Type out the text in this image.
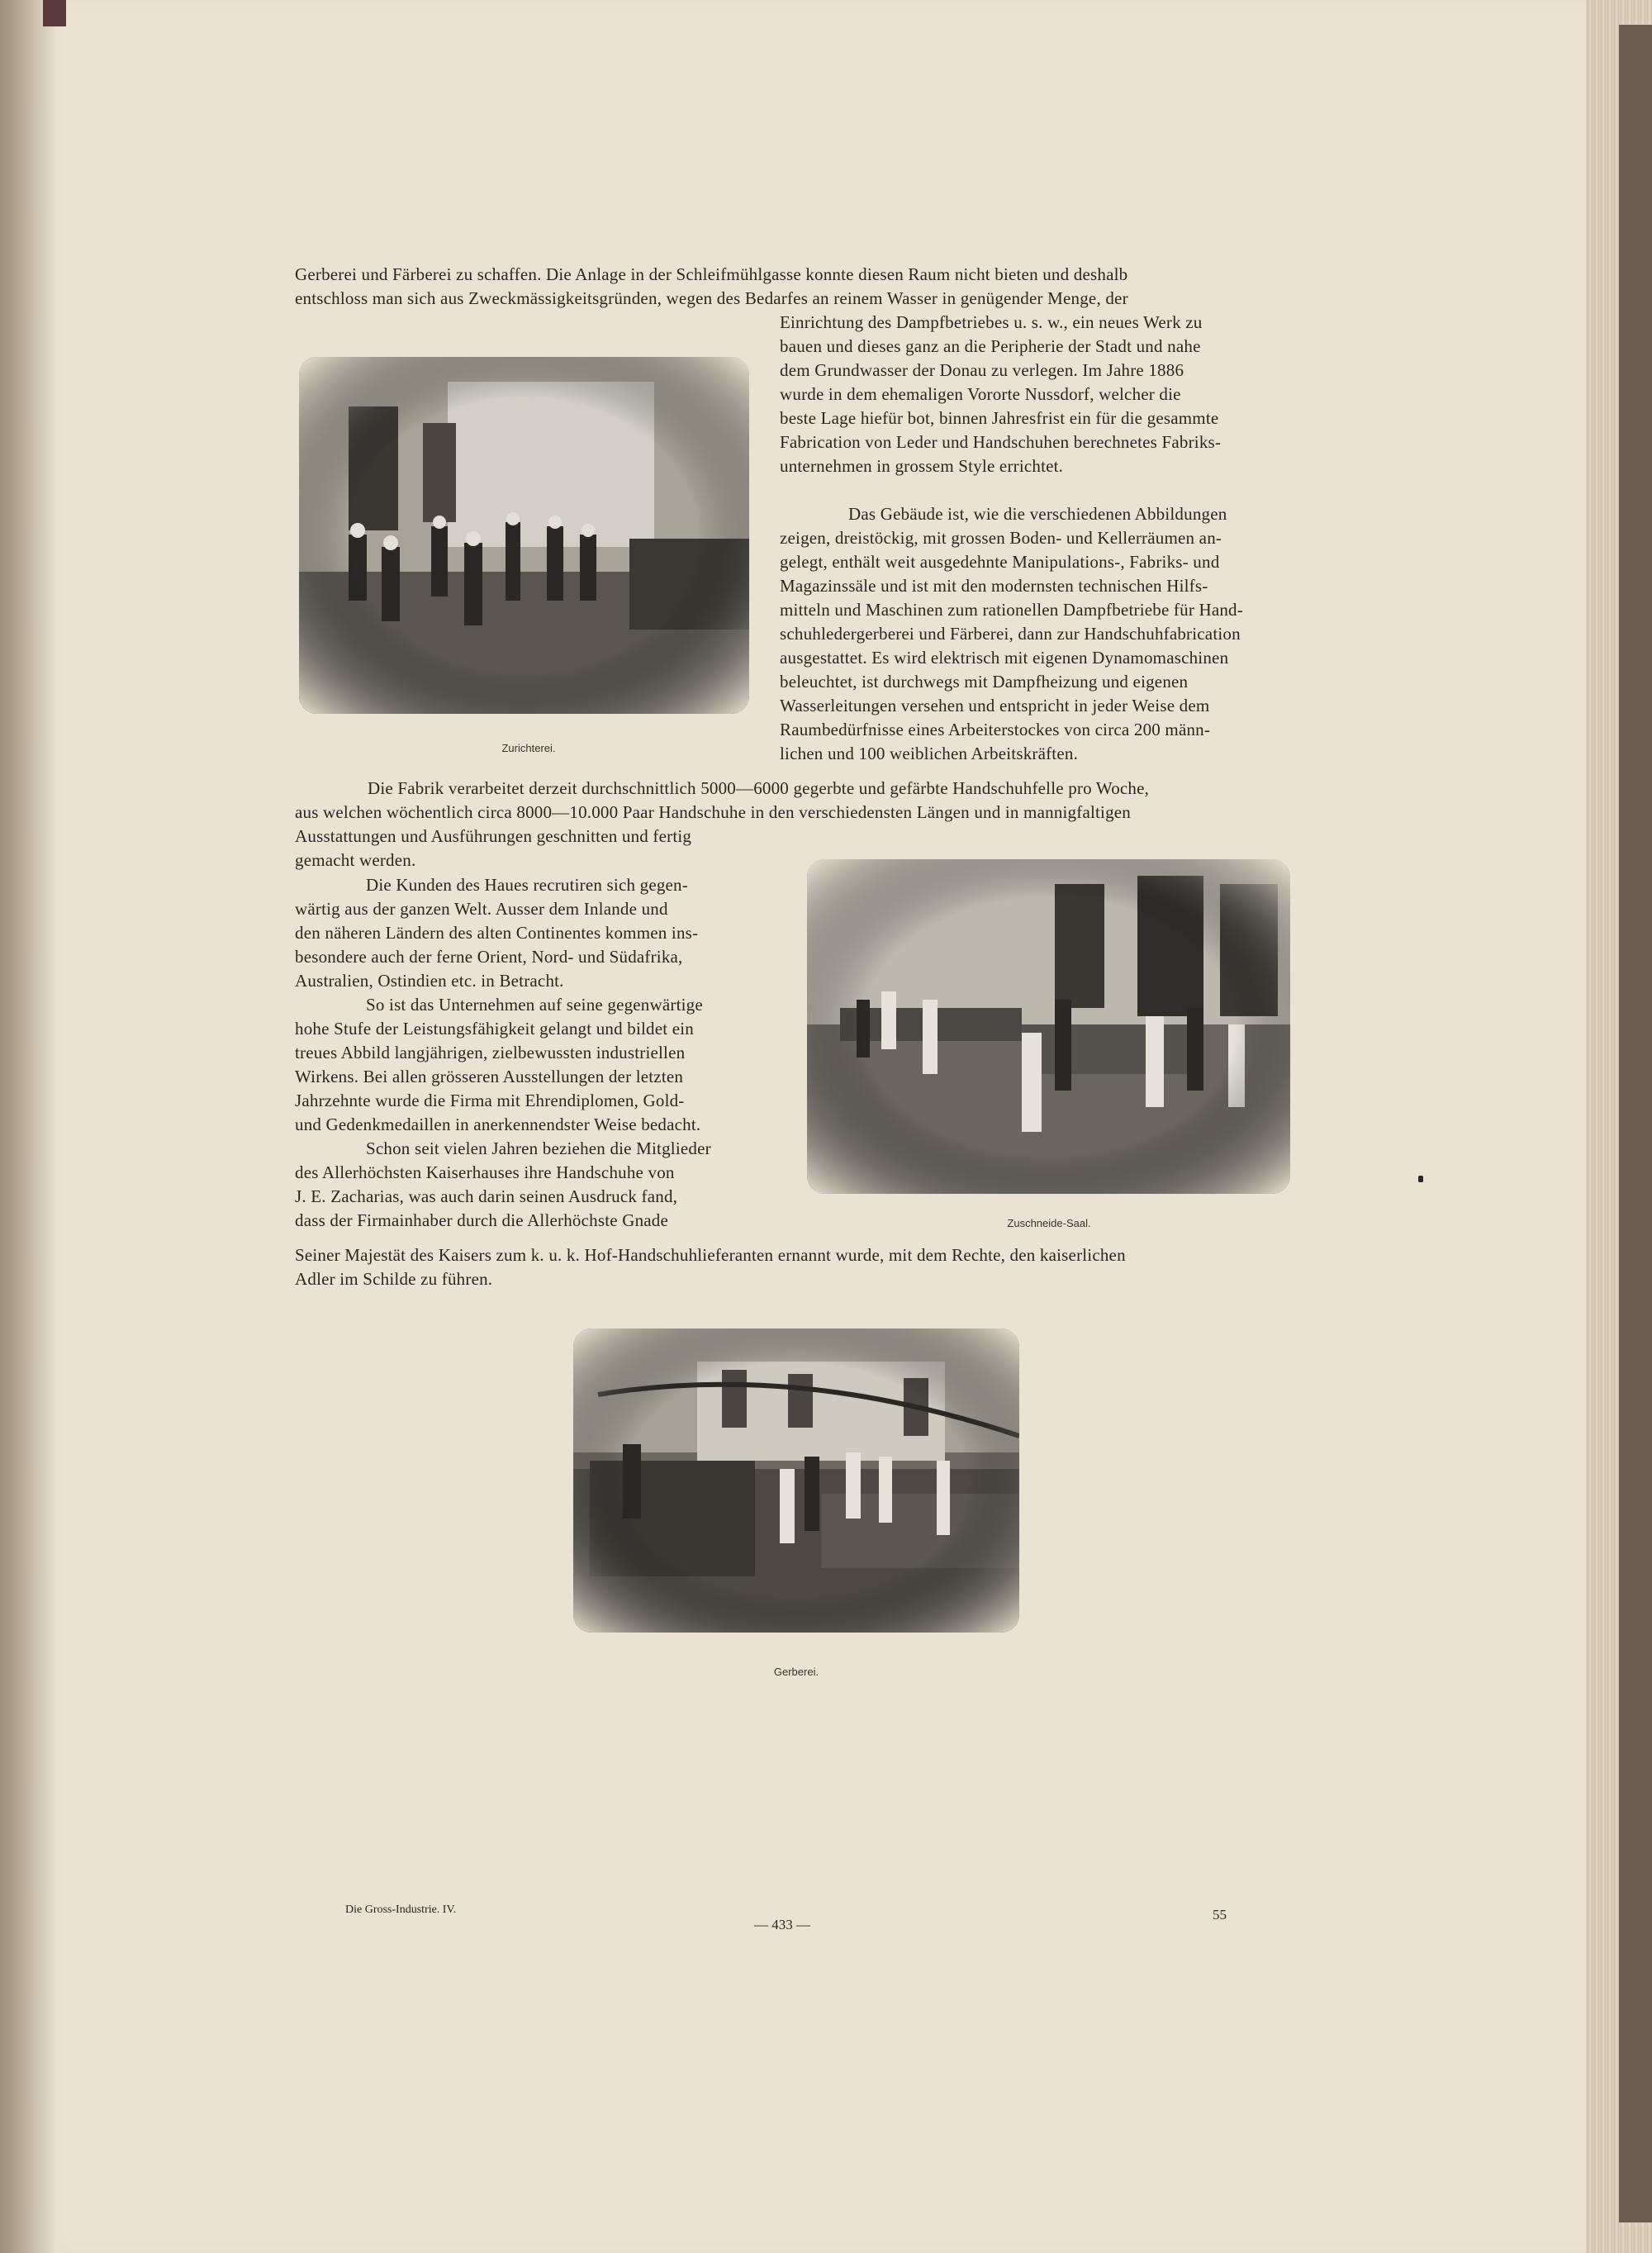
Gerberei und Färberei zu schaffen. Die Anlage in der Schleifmühlgasse konnte diesen Raum nicht bieten und deshalb

entschloss man sich aus Zweckmässigkeitsgründen, wegen des Bedarfes an reinem Wasser in genügender Menge, der

Einrichtung des Dampfbetriebes u. s. w., ein neues Werk zu

bauen und dieses ganz an die Peripherie der Stadt und nahe

dem Grundwasser der Donau zu verlegen. Im Jahre 1886

wurde in dem ehemaligen Vororte Nussdorf, welcher die

beste Lage hiefür bot, binnen Jahresfrist ein für die gesammte

Fabrication von Leder und Handschuhen berechnetes Fabriks-

unternehmen in grossem Style errichtet.

Das Gebäude ist, wie die verschiedenen Abbildungen

zeigen, dreistöckig, mit grossen Boden- und Kellerräumen an-

gelegt, enthält weit ausgedehnte Manipulations-, Fabriks- und

Magazinssäle und ist mit den modernsten technischen Hilfs-

mitteln und Maschinen zum rationellen Dampfbetriebe für Hand-

schuhledergerberei und Färberei, dann zur Handschuhfabrication

ausgestattet. Es wird elektrisch mit eigenen Dynamomaschinen

beleuchtet, ist durchwegs mit Dampfheizung und eigenen

Wasserleitungen versehen und entspricht in jeder Weise dem

Raumbedürfnisse eines Arbeiterstockes von circa 200 männ-

lichen und 100 weiblichen Arbeitskräften.

Die Fabrik verarbeitet derzeit durchschnittlich 5000—6000 gegerbte und gefärbte Handschuhfelle pro Woche,

aus welchen wöchentlich circa 8000—10.000 Paar Handschuhe in den verschiedensten Längen und in mannigfaltigen

Ausstattungen und Ausführungen geschnitten und fertig

gemacht werden.

Die Kunden des Haues recrutiren sich gegen-

wärtig aus der ganzen Welt. Ausser dem Inlande und

den näheren Ländern des alten Continentes kommen ins-

besondere auch der ferne Orient, Nord- und Südafrika,

Australien, Ostindien etc. in Betracht.

So ist das Unternehmen auf seine gegenwärtige

hohe Stufe der Leistungsfähigkeit gelangt und bildet ein

treues Abbild langjährigen, zielbewussten industriellen

Wirkens. Bei allen grösseren Ausstellungen der letzten

Jahrzehnte wurde die Firma mit Ehrendiplomen, Gold-

und Gedenkmedaillen in anerkennendster Weise bedacht.

Schon seit vielen Jahren beziehen die Mitglieder

des Allerhöchsten Kaiserhauses ihre Handschuhe von

J. E. Zacharias, was auch darin seinen Ausdruck fand,

dass der Firmainhaber durch die Allerhöchste Gnade

Seiner Majestät des Kaisers zum k. u. k. Hof-Handschuhlieferanten ernannt wurde, mit dem Rechte, den kaiserlichen

Adler im Schilde zu führen.

Zurichterei.

Zuschneide-Saal.

Gerberei.

Die Gross-Industrie. IV.

— 433 —

55
